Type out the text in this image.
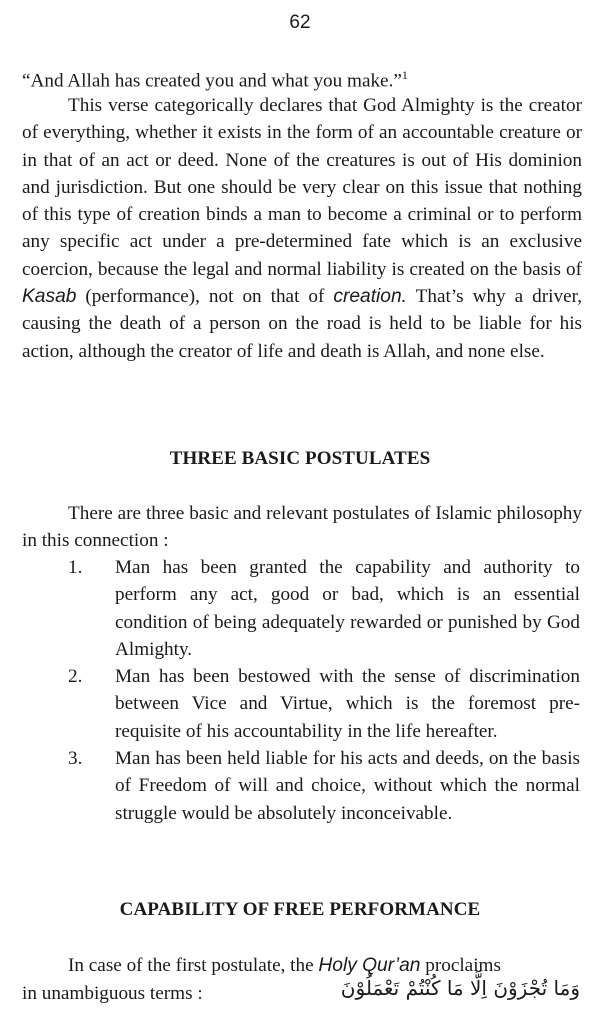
62
“And Allah has created you and what you make.”$^1$
This verse categorically declares that God Almighty is the creator of everything, whether it exists in the form of an accountable creature or in that of an act or deed. None of the creatures is out of His dominion and jurisdiction. But one should be very clear on this issue that nothing of this type of creation binds a man to become a criminal or to perform any specific act under a pre-determined fate which is an exclusive coercion, because the legal and normal liability is created on the basis of Kasab (performance), not on that of creation. That’s why a driver, causing the death of a person on the road is held to be liable for his action, although the creator of life and death is Allah, and none else.
THREE BASIC POSTULATES
There are three basic and relevant postulates of Islamic philosophy in this connection :
1. Man has been granted the capability and authority to perform any act, good or bad, which is an essential condition of being adequately rewarded or punished by God Almighty.
2. Man has been bestowed with the sense of discrimination between Vice and Virtue, which is the foremost pre-requisite of his accountability in the life hereafter.
3. Man has been held liable for his acts and deeds, on the basis of Freedom of will and choice, without which the normal struggle would be absolutely inconceivable.
CAPABILITY OF FREE PERFORMANCE
In case of the first postulate, the Holy Qur’an proclaims
in unambiguous terms :	وَمَا تُجْزَوْنَ اِلَّا مَا كُنْتُمْ تَعْمَلُوْنَ
